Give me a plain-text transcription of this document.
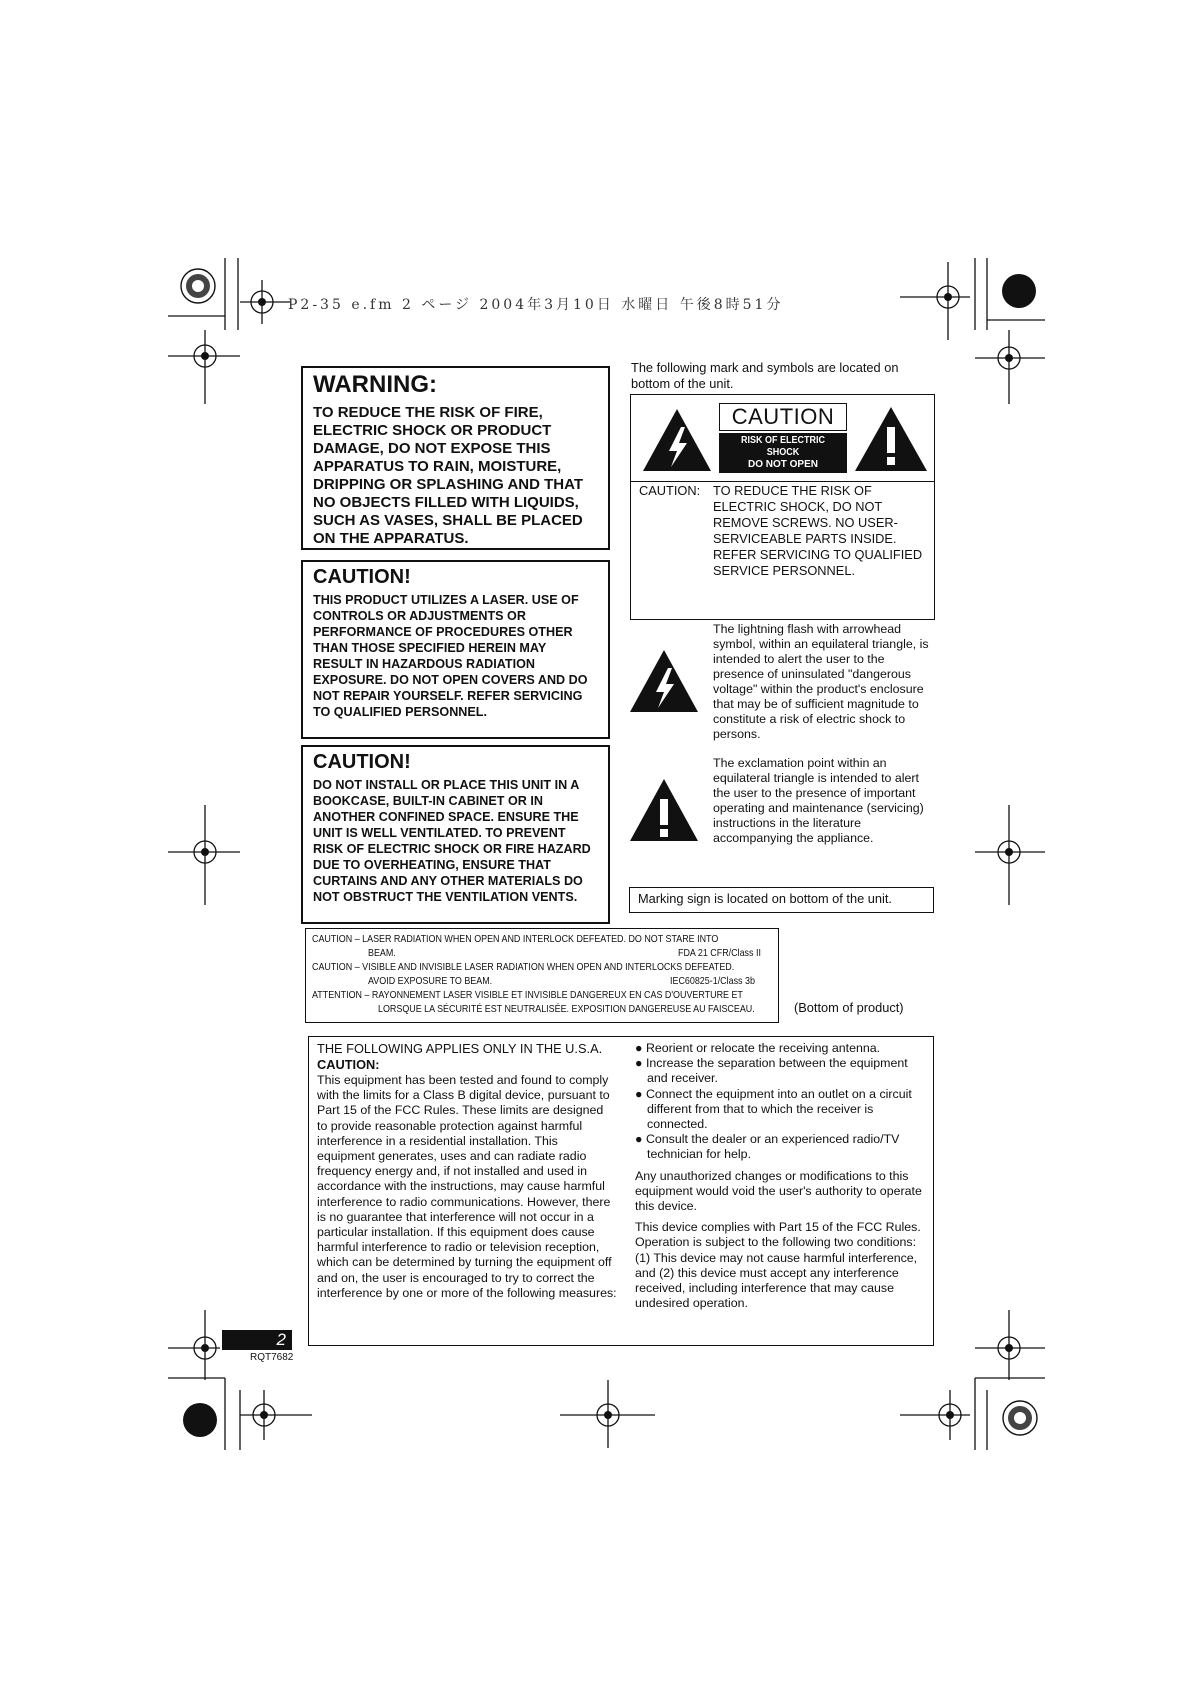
P2-35 e.fm 2 ページ 2004年3月10日 水曜日 午後8時51分
WARNING:
TO REDUCE THE RISK OF FIRE, ELECTRIC SHOCK OR PRODUCT DAMAGE, DO NOT EXPOSE THIS APPARATUS TO RAIN, MOISTURE, DRIPPING OR SPLASHING AND THAT NO OBJECTS FILLED WITH LIQUIDS, SUCH AS VASES, SHALL BE PLACED ON THE APPARATUS.
CAUTION!
THIS PRODUCT UTILIZES A LASER. USE OF CONTROLS OR ADJUSTMENTS OR PERFORMANCE OF PROCEDURES OTHER THAN THOSE SPECIFIED HEREIN MAY RESULT IN HAZARDOUS RADIATION EXPOSURE. DO NOT OPEN COVERS AND DO NOT REPAIR YOURSELF. REFER SERVICING TO QUALIFIED PERSONNEL.
CAUTION!
DO NOT INSTALL OR PLACE THIS UNIT IN A BOOKCASE, BUILT-IN CABINET OR IN ANOTHER CONFINED SPACE. ENSURE THE UNIT IS WELL VENTILATED. TO PREVENT RISK OF ELECTRIC SHOCK OR FIRE HAZARD DUE TO OVERHEATING, ENSURE THAT CURTAINS AND ANY OTHER MATERIALS DO NOT OBSTRUCT THE VENTILATION VENTS.
The following mark and symbols are located on bottom of the unit.
CAUTION
RISK OF ELECTRIC SHOCK
DO NOT OPEN
CAUTION: TO REDUCE THE RISK OF ELECTRIC SHOCK, DO NOT REMOVE SCREWS. NO USER-SERVICEABLE PARTS INSIDE. REFER SERVICING TO QUALIFIED SERVICE PERSONNEL.
The lightning flash with arrowhead symbol, within an equilateral triangle, is intended to alert the user to the presence of uninsulated "dangerous voltage" within the product's enclosure that may be of sufficient magnitude to constitute a risk of electric shock to persons.
The exclamation point within an equilateral triangle is intended to alert the user to the presence of important operating and maintenance (servicing) instructions in the literature accompanying the appliance.
Marking sign is located on bottom of the unit.
CAUTION – LASER RADIATION WHEN OPEN AND INTERLOCK DEFEATED. DO NOT STARE INTO
BEAM.	FDA 21 CFR/Class II
CAUTION – VISIBLE AND INVISIBLE LASER RADIATION WHEN OPEN AND INTERLOCKS DEFEATED.
AVOID EXPOSURE TO BEAM.	IEC60825-1/Class 3b
ATTENTION – RAYONNEMENT LASER VISIBLE ET INVISIBLE DANGEREUX EN CAS D'OUVERTURE ET
LORSQUE LA SÉCURITÉ EST NEUTRALISÉE. EXPOSITION DANGEREUSE AU FAISCEAU.	(Bottom of product)
THE FOLLOWING APPLIES ONLY IN THE U.S.A.
CAUTION:
This equipment has been tested and found to comply with the limits for a Class B digital device, pursuant to Part 15 of the FCC Rules. These limits are designed to provide reasonable protection against harmful interference in a residential installation. This equipment generates, uses and can radiate radio frequency energy and, if not installed and used in accordance with the instructions, may cause harmful interference to radio communications. However, there is no guarantee that interference will not occur in a particular installation. If this equipment does cause harmful interference to radio or television reception, which can be determined by turning the equipment off and on, the user is encouraged to try to correct the interference by one or more of the following measures:
● Reorient or relocate the receiving antenna.
● Increase the separation between the equipment and receiver.
● Connect the equipment into an outlet on a circuit different from that to which the receiver is connected.
● Consult the dealer or an experienced radio/TV technician for help.
Any unauthorized changes or modifications to this equipment would void the user's authority to operate this device.
This device complies with Part 15 of the FCC Rules. Operation is subject to the following two conditions: (1) This device may not cause harmful interference, and (2) this device must accept any interference received, including interference that may cause undesired operation.
2
RQT7682
